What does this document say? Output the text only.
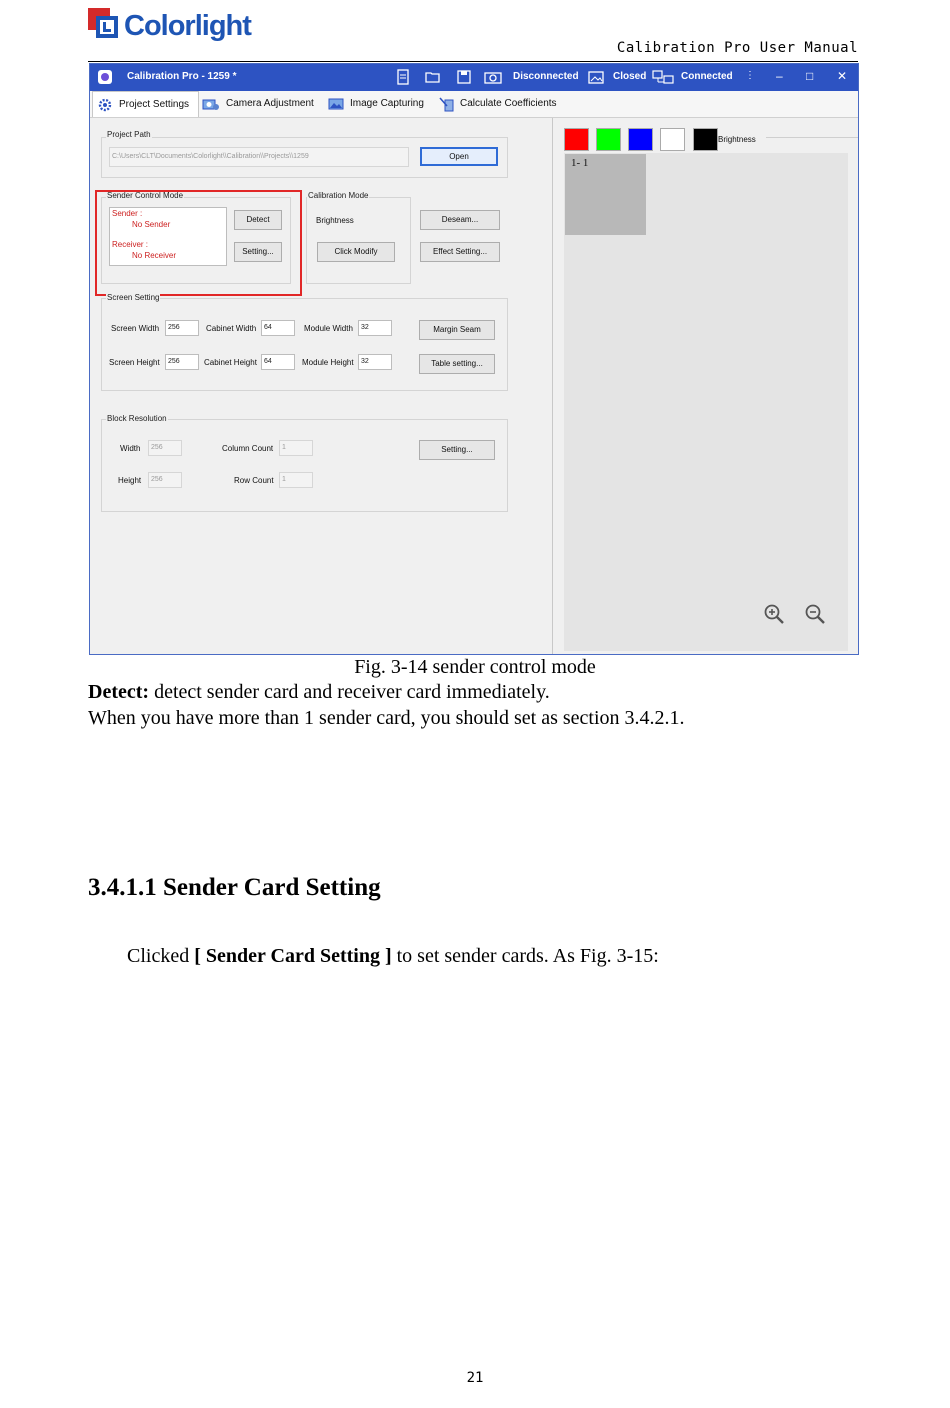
Colorlight
Calibration Pro User Manual
Calibration Pro - 1259 *	Disconnected	Closed	Connected ⋮ – □ ✕
Project Settings	Camera Adjustment	Image Capturing	Calculate Coefficients
Project Path
C:\Users\CLT\Documents\Colorlight\\Calibration\\Projects\\1259	Open
Sender Control Mode
Sender :
No Sender
Receiver :
No Receiver
Detect
Setting...
Calibration Mode
Brightness
Click Modify
Deseam...
Effect Setting...
Screen Setting
Screen Width	256	Cabinet Width	64	Module Width	32	Margin Seam
Screen Height	256	Cabinet Height	64	Module Height	32	Table setting...
Block Resolution
Width	256	Column Count	1	Setting...
Height	256	Row Count	1
Brightness
1- 1
Fig. 3-14 sender control mode
Detect: detect sender card and receiver card immediately.
When you have more than 1 sender card, you should set as section 3.4.2.1.
3.4.1.1 Sender Card Setting
Clicked [ Sender Card Setting ] to set sender cards. As Fig. 3-15:
21
